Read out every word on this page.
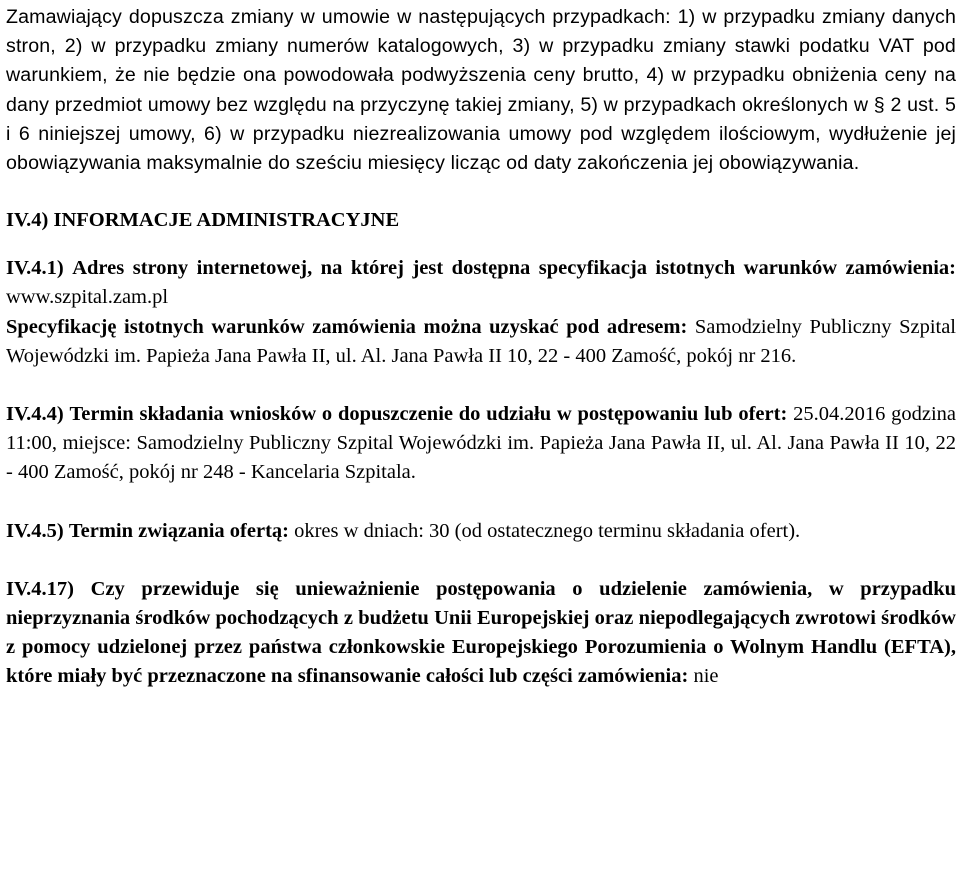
Zamawiający dopuszcza zmiany w umowie w następujących przypadkach: 1) w przypadku zmiany danych stron, 2) w przypadku zmiany numerów katalogowych, 3) w przypadku zmiany stawki podatku VAT pod warunkiem, że nie będzie ona powodowała podwyższenia ceny brutto, 4) w przypadku obniżenia ceny na dany przedmiot umowy bez względu na przyczynę takiej zmiany, 5) w przypadkach określonych w § 2 ust. 5 i 6 niniejszej umowy, 6) w przypadku niezrealizowania umowy pod względem ilościowym, wydłużenie jej obowiązywania maksymalnie do sześciu miesięcy licząc od daty zakończenia jej obowiązywania.

IV.4) INFORMACJE ADMINISTRACYJNE

IV.4.1) Adres strony internetowej, na której jest dostępna specyfikacja istotnych warunków zamówienia: www.szpital.zam.pl

Specyfikację istotnych warunków zamówienia można uzyskać pod adresem: Samodzielny Publiczny Szpital Wojewódzki im. Papieża Jana Pawła II, ul. Al. Jana Pawła II 10, 22 - 400 Zamość, pokój nr 216.

IV.4.4) Termin składania wniosków o dopuszczenie do udziału w postępowaniu lub ofert: 25.04.2016 godzina 11:00, miejsce: Samodzielny Publiczny Szpital Wojewódzki im. Papieża Jana Pawła II, ul. Al. Jana Pawła II 10, 22 - 400 Zamość, pokój nr 248 - Kancelaria Szpitala.

IV.4.5) Termin związania ofertą: okres w dniach: 30 (od ostatecznego terminu składania ofert).

IV.4.17) Czy przewiduje się unieważnienie postępowania o udzielenie zamówienia, w przypadku nieprzyznania środków pochodzących z budżetu Unii Europejskiej oraz niepodlegających zwrotowi środków z pomocy udzielonej przez państwa członkowskie Europejskiego Porozumienia o Wolnym Handlu (EFTA), które miały być przeznaczone na sfinansowanie całości lub części zamówienia: nie
